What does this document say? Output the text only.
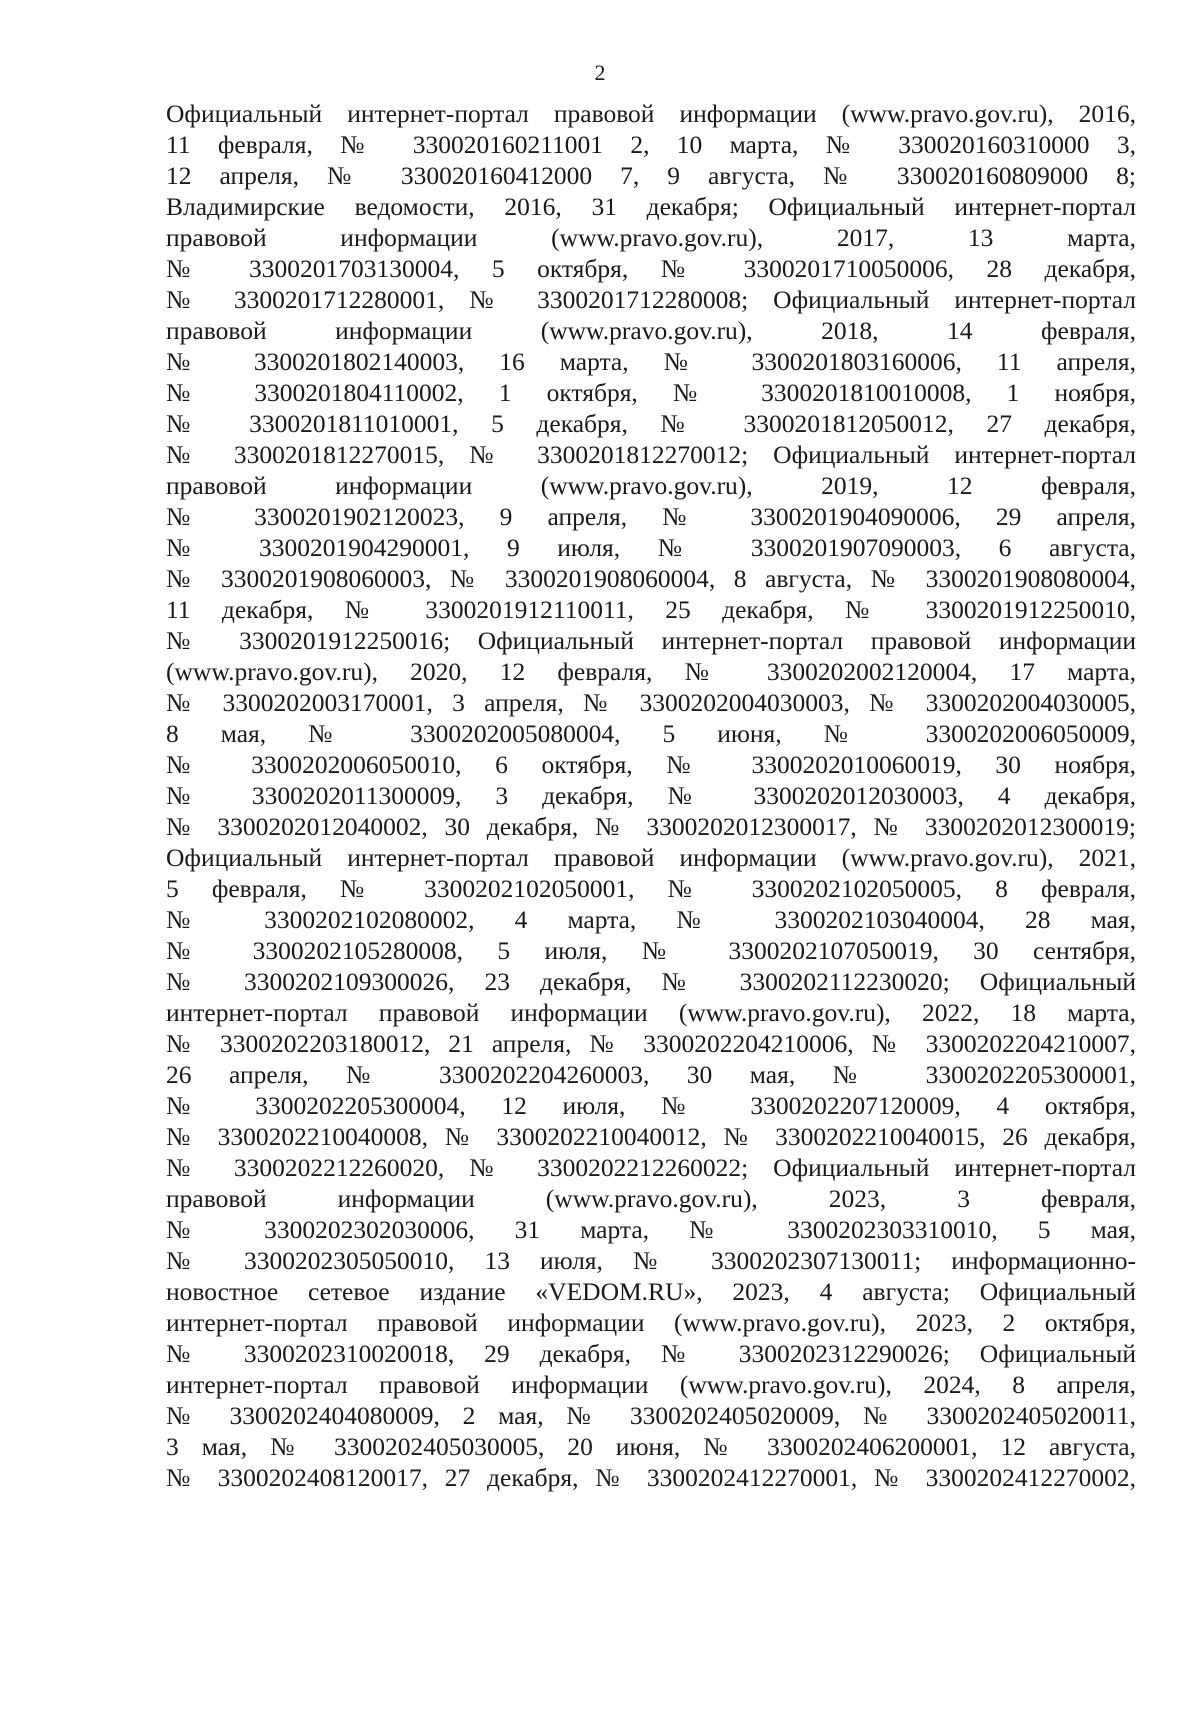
2
Официальный интернет-портал правовой информации (www.pravo.gov.ru), 2016,
11 февраля, № 330020160211001 2, 10 марта, № 330020160310000 3,
12 апреля, № 330020160412000 7, 9 августа, № 330020160809000 8;
Владимирские ведомости, 2016, 31 декабря; Официальный интернет-портал
правовой информации (www.pravo.gov.ru), 2017, 13 марта,
№ 3300201703130004, 5 октября, № 3300201710050006, 28 декабря,
№ 3300201712280001, № 3300201712280008; Официальный интернет-портал
правовой информации (www.pravo.gov.ru), 2018, 14 февраля,
№ 3300201802140003, 16 марта, № 3300201803160006, 11 апреля,
№ 3300201804110002, 1 октября, № 3300201810010008, 1 ноября,
№ 3300201811010001, 5 декабря, № 3300201812050012, 27 декабря,
№ 3300201812270015, № 3300201812270012; Официальный интернет-портал
правовой информации (www.pravo.gov.ru), 2019, 12 февраля,
№ 3300201902120023, 9 апреля, № 3300201904090006, 29 апреля,
№ 3300201904290001, 9 июля, № 3300201907090003, 6 августа,
№ 3300201908060003, № 3300201908060004, 8 августа, № 3300201908080004,
11 декабря, № 3300201912110011, 25 декабря, № 3300201912250010,
№ 3300201912250016; Официальный интернет-портал правовой информации
(www.pravo.gov.ru), 2020, 12 февраля, № 3300202002120004, 17 марта,
№ 3300202003170001, 3 апреля, № 3300202004030003, № 3300202004030005,
8 мая, № 3300202005080004, 5 июня, № 3300202006050009,
№ 3300202006050010, 6 октября, № 3300202010060019, 30 ноября,
№ 3300202011300009, 3 декабря, № 3300202012030003, 4 декабря,
№ 3300202012040002, 30 декабря, № 3300202012300017, № 3300202012300019;
Официальный интернет-портал правовой информации (www.pravo.gov.ru), 2021,
5 февраля, № 3300202102050001, № 3300202102050005, 8 февраля,
№ 3300202102080002, 4 марта, № 3300202103040004, 28 мая,
№ 3300202105280008, 5 июля, № 3300202107050019, 30 сентября,
№ 3300202109300026, 23 декабря, № 3300202112230020; Официальный
интернет-портал правовой информации (www.pravo.gov.ru), 2022, 18 марта,
№ 3300202203180012, 21 апреля, № 3300202204210006, № 3300202204210007,
26 апреля, № 3300202204260003, 30 мая, № 3300202205300001,
№ 3300202205300004, 12 июля, № 3300202207120009, 4 октября,
№ 3300202210040008, № 3300202210040012, № 3300202210040015, 26 декабря,
№ 3300202212260020, № 3300202212260022; Официальный интернет-портал
правовой информации (www.pravo.gov.ru), 2023, 3 февраля,
№ 3300202302030006, 31 марта, № 3300202303310010, 5 мая,
№ 3300202305050010, 13 июля, № 3300202307130011; информационно-
новостное сетевое издание «VEDOM.RU», 2023, 4 августа; Официальный
интернет-портал правовой информации (www.pravo.gov.ru), 2023, 2 октября,
№ 3300202310020018, 29 декабря, № 3300202312290026; Официальный
интернет-портал правовой информации (www.pravo.gov.ru), 2024, 8 апреля,
№ 3300202404080009, 2 мая, № 3300202405020009, № 3300202405020011,
3 мая, № 3300202405030005, 20 июня, № 3300202406200001, 12 августа,
№ 3300202408120017, 27 декабря, № 3300202412270001, № 3300202412270002,
